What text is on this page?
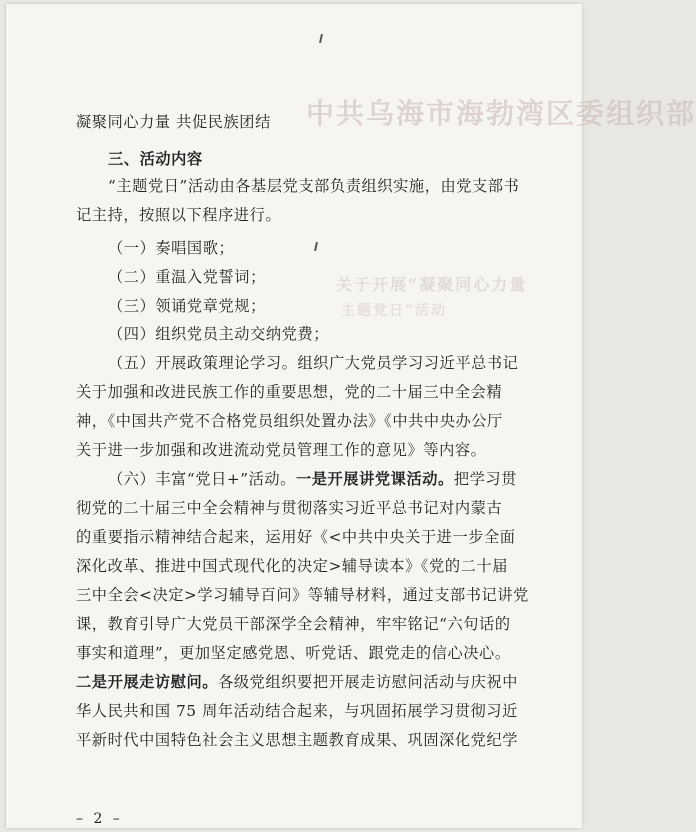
中共乌海市海勃湾区委组织部

关于开展“凝聚同心力量
主题党日”活动
凝聚同心力量 共促民族团结
三、活动内容
“主题党日”活动由各基层党支部负责组织实施，由党支部书
记主持，按照以下程序进行。
（一）奏唱国歌；
（二）重温入党誓词；
（三）领诵党章党规；
（四）组织党员主动交纳党费；
（五）开展政策理论学习。组织广大党员学习习近平总书记
关于加强和改进民族工作的重要思想，党的二十届三中全会精
神，《中国共产党不合格党员组织处置办法》《中共中央办公厅
关于进一步加强和改进流动党员管理工作的意见》等内容。
（六）丰富“党日+”活动。一是开展讲党课活动。把学习贯
彻党的二十届三中全会精神与贯彻落实习近平总书记对内蒙古
的重要指示精神结合起来，运用好《<中共中央关于进一步全面
深化改革、推进中国式现代化的决定>辅导读本》《党的二十届
三中全会<决定>学习辅导百问》等辅导材料，通过支部书记讲党
课，教育引导广大党员干部深学全会精神，牢牢铭记“六句话的
事实和道理”，更加坚定感党恩、听党话、跟党走的信心决心。
二是开展走访慰问。各级党组织要把开展走访慰问活动与庆祝中
华人民共和国 75 周年活动结合起来，与巩固拓展学习贯彻习近
平新时代中国特色社会主义思想主题教育成果、巩固深化党纪学
– 2 –
